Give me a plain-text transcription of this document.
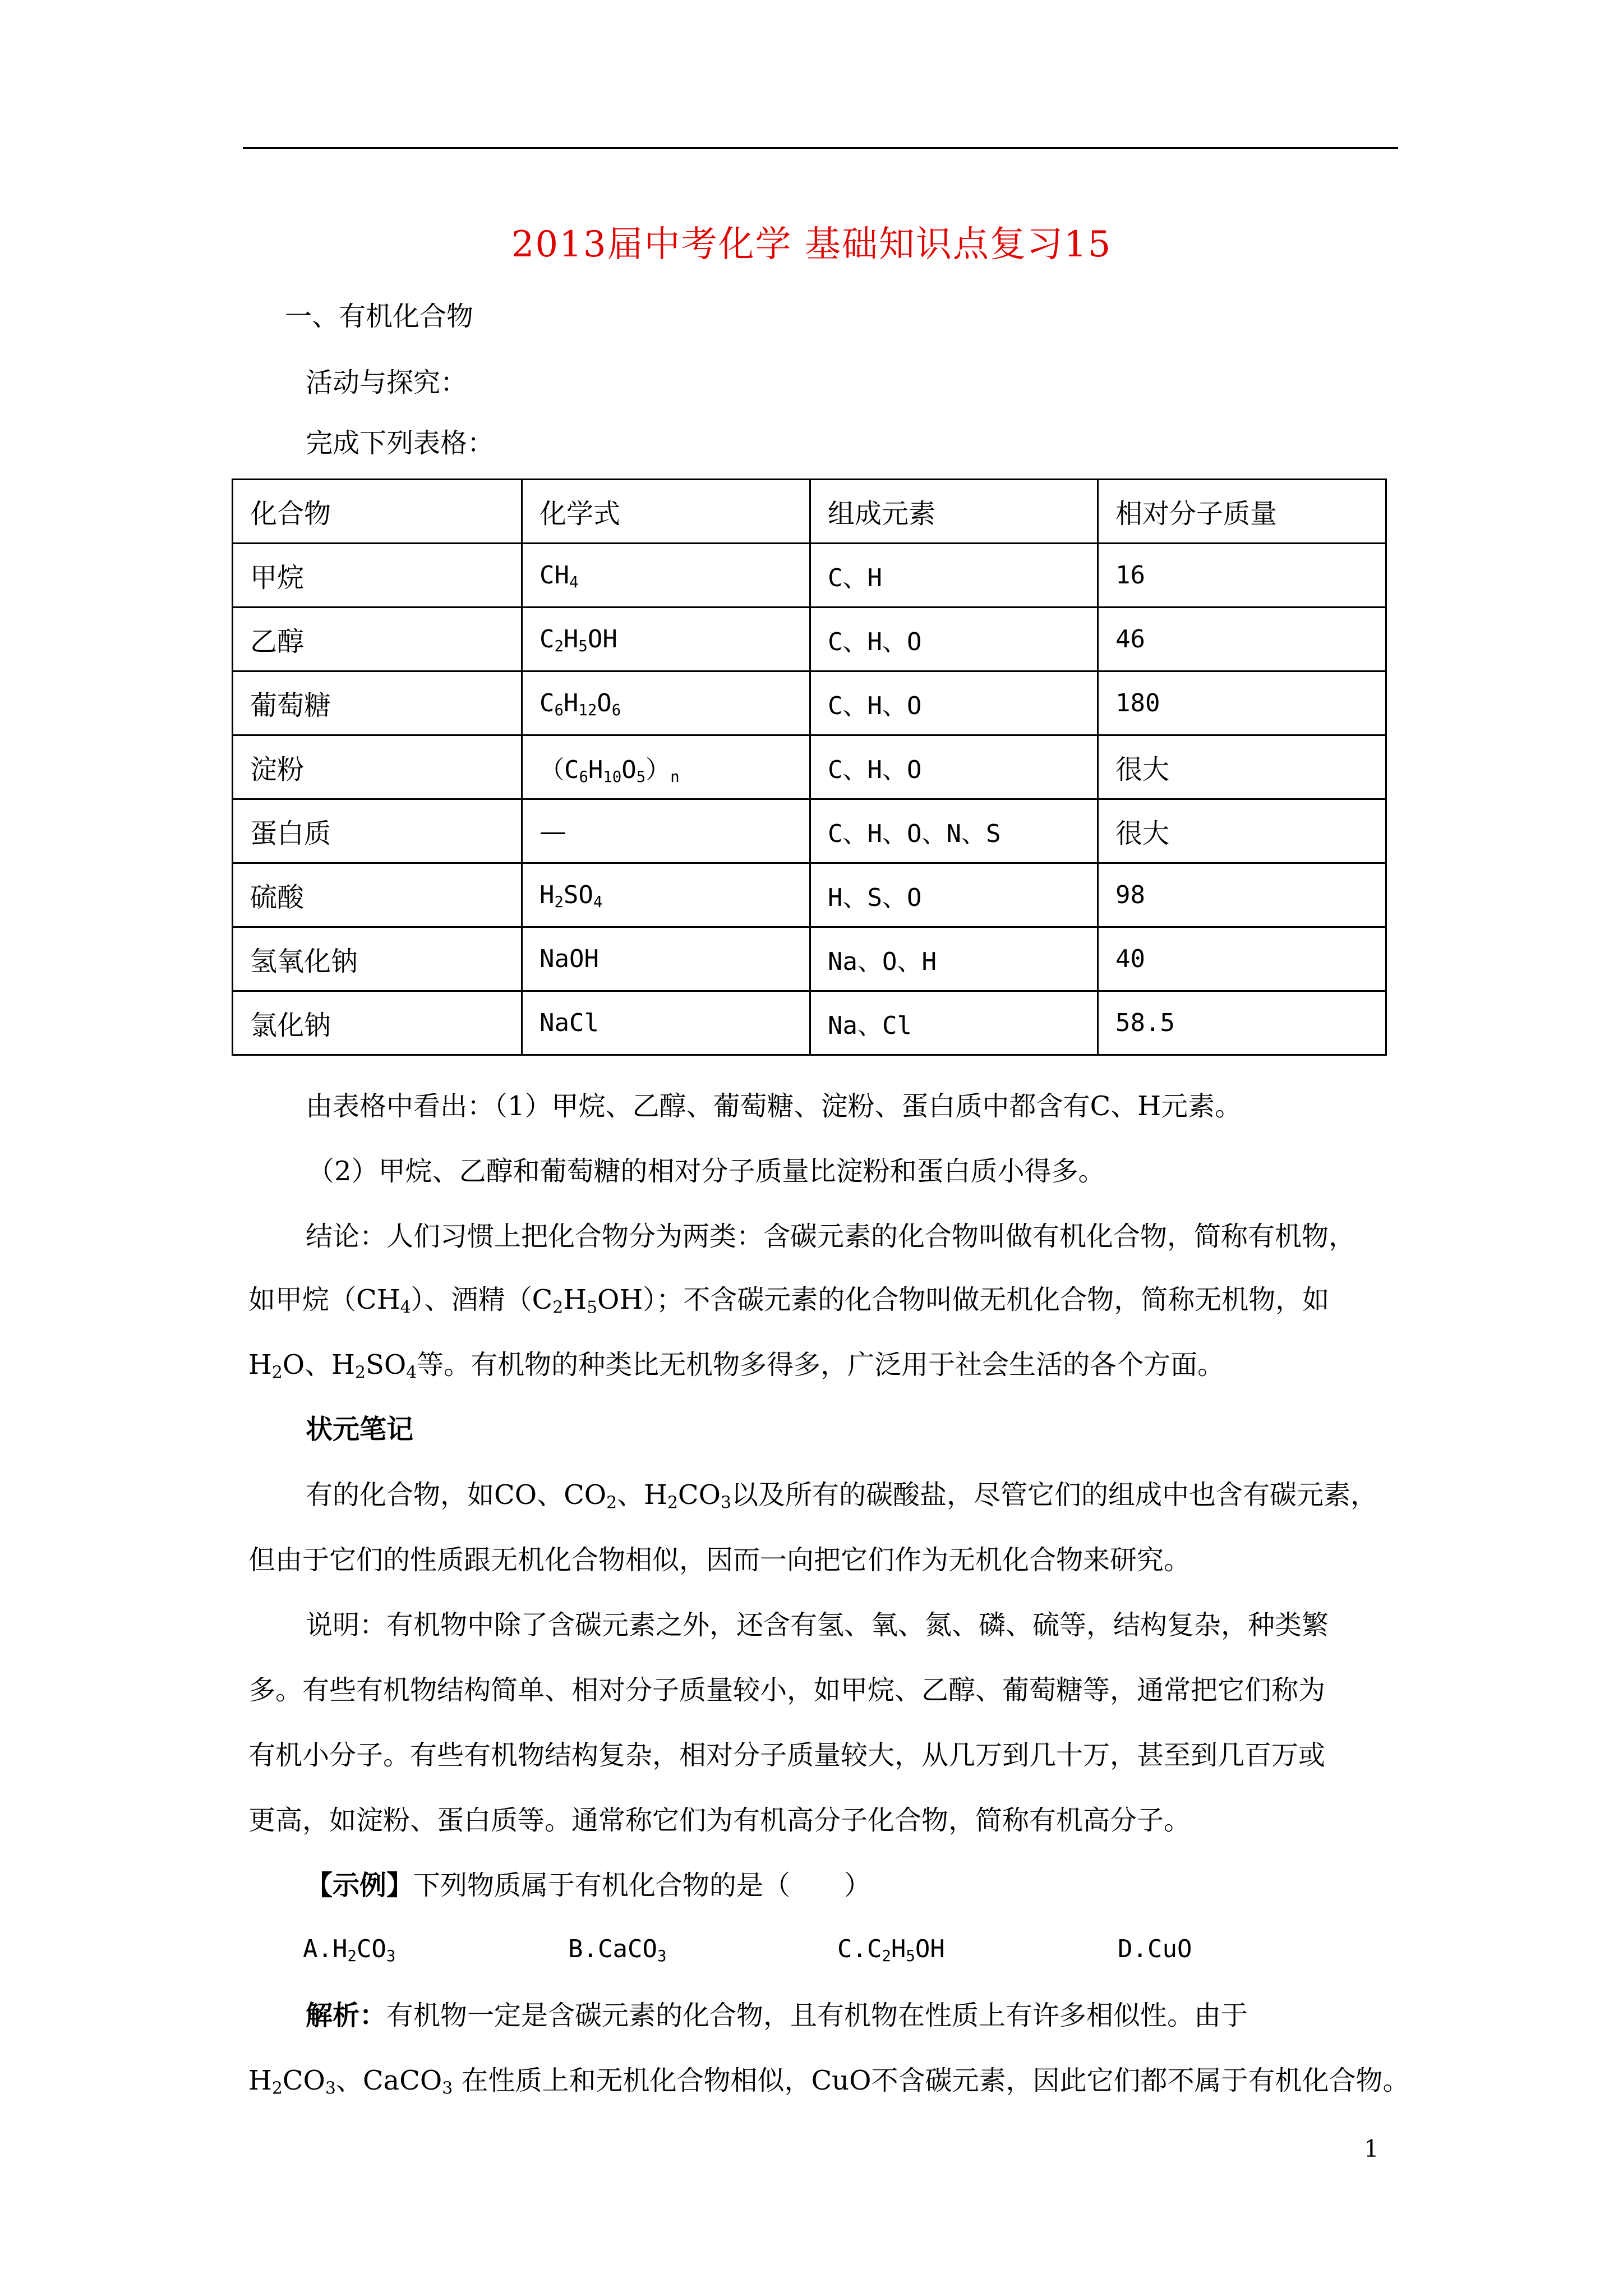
2013届中考化学 基础知识点复习15
一、有机化合物
活动与探究：
完成下列表格：
化合物	化学式	组成元素	相对分子质量
甲烷	$CH_4$	C、H	16
乙醇	$C_2H_5OH$	C、H、O	46
葡萄糖	$C_6H_{12}O_6$	C、H、O	180
淀粉	$(C_6H_{10}O_5)_n$	C、H、O	很大
蛋白质	—	C、H、O、N、S	很大
硫酸	$H_2SO_4$	H、S、O	98
氢氧化钠	NaOH	Na、O、H	40
氯化钠	NaCl	Na、Cl	58.5
由表格中看出：（1）甲烷、乙醇、葡萄糖、淀粉、蛋白质中都含有C、H元素。
（2）甲烷、乙醇和葡萄糖的相对分子质量比淀粉和蛋白质小得多。
结论：人们习惯上把化合物分为两类：含碳元素的化合物叫做有机化合物，简称有机物，
如甲烷$(CH_4)$、酒精$(C_2H_5OH)$；不含碳元素的化合物叫做无机化合物，简称无机物，如
$H_2O$、$H_2SO_4$等。有机物的种类比无机物多得多，广泛用于社会生活的各个方面。
状元笔记
有的化合物，如CO、$CO_2$、$H_2CO_3$以及所有的碳酸盐，尽管它们的组成中也含有碳元素，
但由于它们的性质跟无机化合物相似，因而一向把它们作为无机化合物来研究。
说明：有机物中除了含碳元素之外，还含有氢、氧、氮、磷、硫等，结构复杂，种类繁
多。有些有机物结构简单、相对分子质量较小，如甲烷、乙醇、葡萄糖等，通常把它们称为
有机小分子。有些有机物结构复杂，相对分子质量较大，从几万到几十万，甚至到几百万或
更高，如淀粉、蛋白质等。通常称它们为有机高分子化合物，简称有机高分子。
【示例】下列物质属于有机化合物的是（　　）
$A.H_2CO_3$	B.CaCO$_3$	$C.C_2H_5OH$	D.CuO
解析：有机物一定是含碳元素的化合物，且有机物在性质上有许多相似性。由于
$H_2CO_3$、CaCO$_3$ 在性质上和无机化合物相似，CuO不含碳元素，因此它们都不属于有机化合物。
1
